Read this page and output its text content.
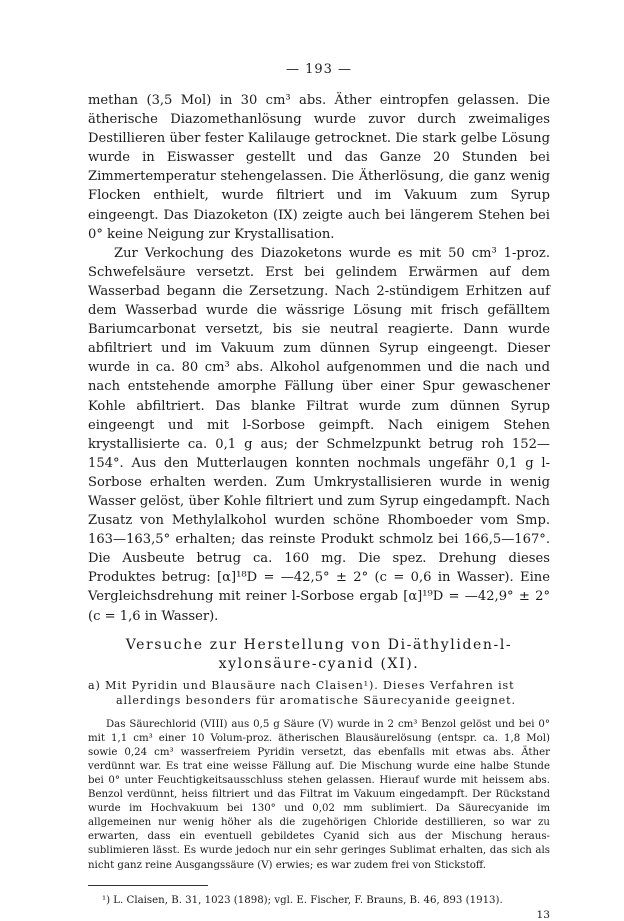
— 193 —

methan (3,5 Mol) in 30 cm³ abs. Äther eintropfen gelassen. Die ätherische Diazomethanlösung wurde zuvor durch zweimaliges Destillieren über fester Kalilauge getrocknet. Die stark gelbe Lösung wurde in Eiswasser gestellt und das Ganze 20 Stunden bei Zimmertemperatur stehengelassen. Die Ätherlösung, die ganz wenig Flocken enthielt, wurde filtriert und im Vakuum zum Syrup eingeengt. Das Diazoketon (IX) zeigte auch bei längerem Stehen bei 0° keine Neigung zur Krystallisation.

Zur Verkochung des Diazoketons wurde es mit 50 cm³ 1-proz. Schwefelsäure versetzt. Erst bei gelindem Erwärmen auf dem Wasserbad begann die Zersetzung. Nach 2-stündigem Erhitzen auf dem Wasserbad wurde die wässrige Lösung mit frisch gefälltem Bariumcarbonat versetzt, bis sie neutral reagierte. Dann wurde abfiltriert und im Vakuum zum dünnen Syrup eingeengt. Dieser wurde in ca. 80 cm³ abs. Alkohol aufgenommen und die nach und nach entstehende amorphe Fällung über einer Spur gewaschener Kohle abfiltriert. Das blanke Filtrat wurde zum dünnen Syrup eingeengt und mit l-Sorbose geimpft. Nach einigem Stehen krystallisierte ca. 0,1 g aus; der Schmelzpunkt betrug roh 152—154°. Aus den Mutterlaugen konnten nochmals ungefähr 0,1 g l-Sorbose erhalten werden. Zum Umkrystallisieren wurde in wenig Wasser gelöst, über Kohle filtriert und zum Syrup eingedampft. Nach Zusatz von Methylalkohol wurden schöne Rhomboeder vom Smp. 163—163,5° erhalten; das reinste Produkt schmolz bei 166,5—167°. Die Ausbeute betrug ca. 160 mg. Die spez. Drehung dieses Produktes betrug: [α]¹⁸D = —42,5° ± 2° (c = 0,6 in Wasser). Eine Vergleichsdrehung mit reiner l-Sorbose ergab [α]¹⁹D = —42,9° ± 2° (c = 1,6 in Wasser).

Versuche zur Herstellung von Di-äthyliden-l-xylonsäure-cyanid (XI).
a) Mit Pyridin und Blausäure nach Claisen¹). Dieses Verfahren ist allerdings besonders für aromatische Säurecyanide geeignet.

Das Säurechlorid (VIII) aus 0,5 g Säure (V) wurde in 2 cm³ Benzol gelöst und bei 0° mit 1,1 cm³ einer 10 Volum-proz. ätherischen Blausäurelösung (entspr. ca. 1,8 Mol) sowie 0,24 cm³ wasserfreiem Pyridin versetzt, das ebenfalls mit etwas abs. Äther verdünnt war. Es trat eine weisse Fällung auf. Die Mischung wurde eine halbe Stunde bei 0° unter Feuchtigkeitsausschluss stehen gelassen. Hierauf wurde mit heissem abs. Benzol verdünnt, heiss filtriert und das Filtrat im Vakuum eingedampft. Der Rückstand wurde im Hochvakuum bei 130° und 0,02 mm sublimiert. Da Säurecyanide im allgemeinen nur wenig höher als die zugehörigen Chloride destillieren, so war zu erwarten, dass ein eventuell gebildetes Cyanid sich aus der Mischung heraus-sublimieren lässt. Es wurde jedoch nur ein sehr geringes Sublimat erhalten, das sich als nicht ganz reine Ausgangssäure (V) erwies; es war zudem frei von Stickstoff.

¹) L. Claisen, B. 31, 1023 (1898); vgl. E. Fischer, F. Brauns, B. 46, 893 (1913).

13
